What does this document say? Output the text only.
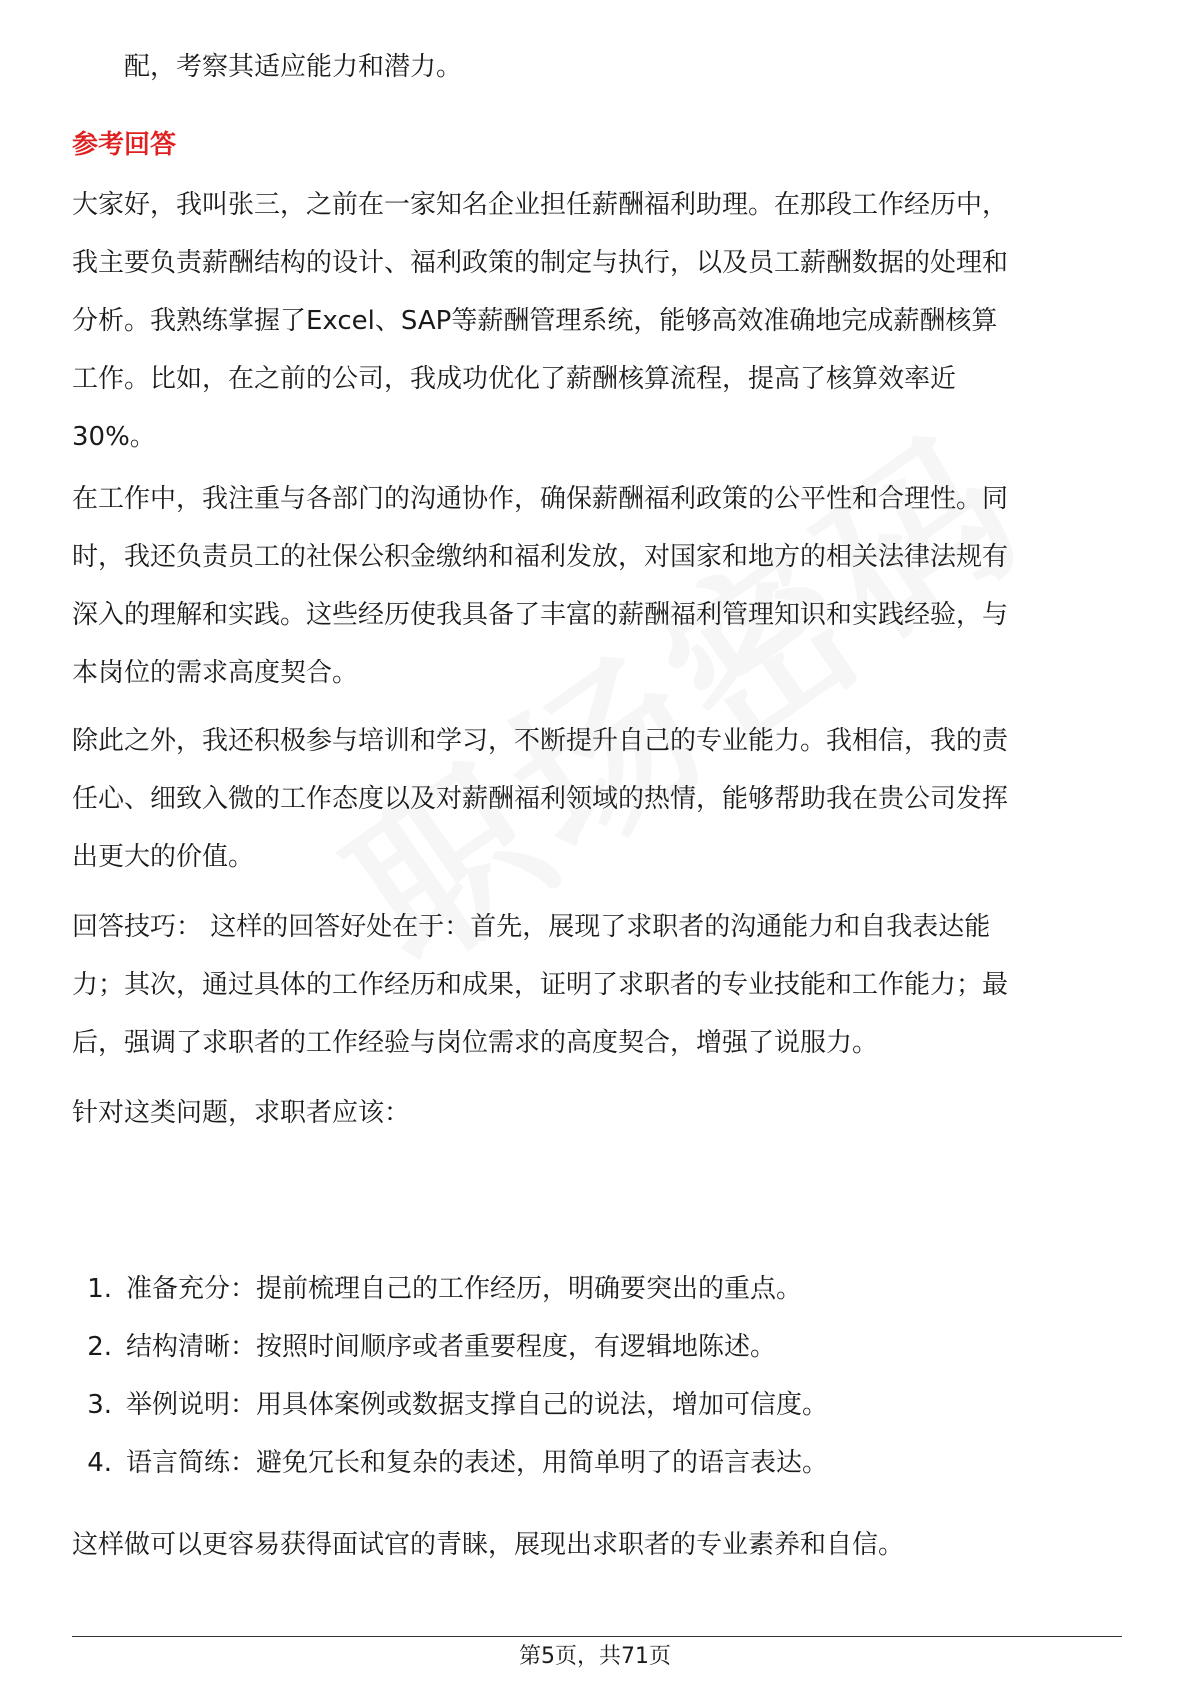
配，考察其适应能力和潜力。

参考回答

大家好，我叫张三，之前在一家知名企业担任薪酬福利助理。在那段工作经历中，

我主要负责薪酬结构的设计、福利政策的制定与执行，以及员工薪酬数据的处理和

分析。我熟练掌握了Excel、SAP等薪酬管理系统，能够高效准确地完成薪酬核算

工作。比如，在之前的公司，我成功优化了薪酬核算流程，提高了核算效率近

30%。

在工作中，我注重与各部门的沟通协作，确保薪酬福利政策的公平性和合理性。同

时，我还负责员工的社保公积金缴纳和福利发放，对国家和地方的相关法律法规有

深入的理解和实践。这些经历使我具备了丰富的薪酬福利管理知识和实践经验，与

本岗位的需求高度契合。

除此之外，我还积极参与培训和学习，不断提升自己的专业能力。我相信，我的责

任心、细致入微的工作态度以及对薪酬福利领域的热情，能够帮助我在贵公司发挥

出更大的价值。

回答技巧： 这样的回答好处在于：首先，展现了求职者的沟通能力和自我表达能

力；其次，通过具体的工作经历和成果，证明了求职者的专业技能和工作能力；最

后，强调了求职者的工作经验与岗位需求的高度契合，增强了说服力。

针对这类问题，求职者应该：

1. 准备充分：提前梳理自己的工作经历，明确要突出的重点。
2. 结构清晰：按照时间顺序或者重要程度，有逻辑地陈述。
3. 举例说明：用具体案例或数据支撑自己的说法，增加可信度。
4. 语言简练：避免冗长和复杂的表述，用简单明了的语言表达。

这样做可以更容易获得面试官的青睐，展现出求职者的专业素养和自信。

第5页，共71页
